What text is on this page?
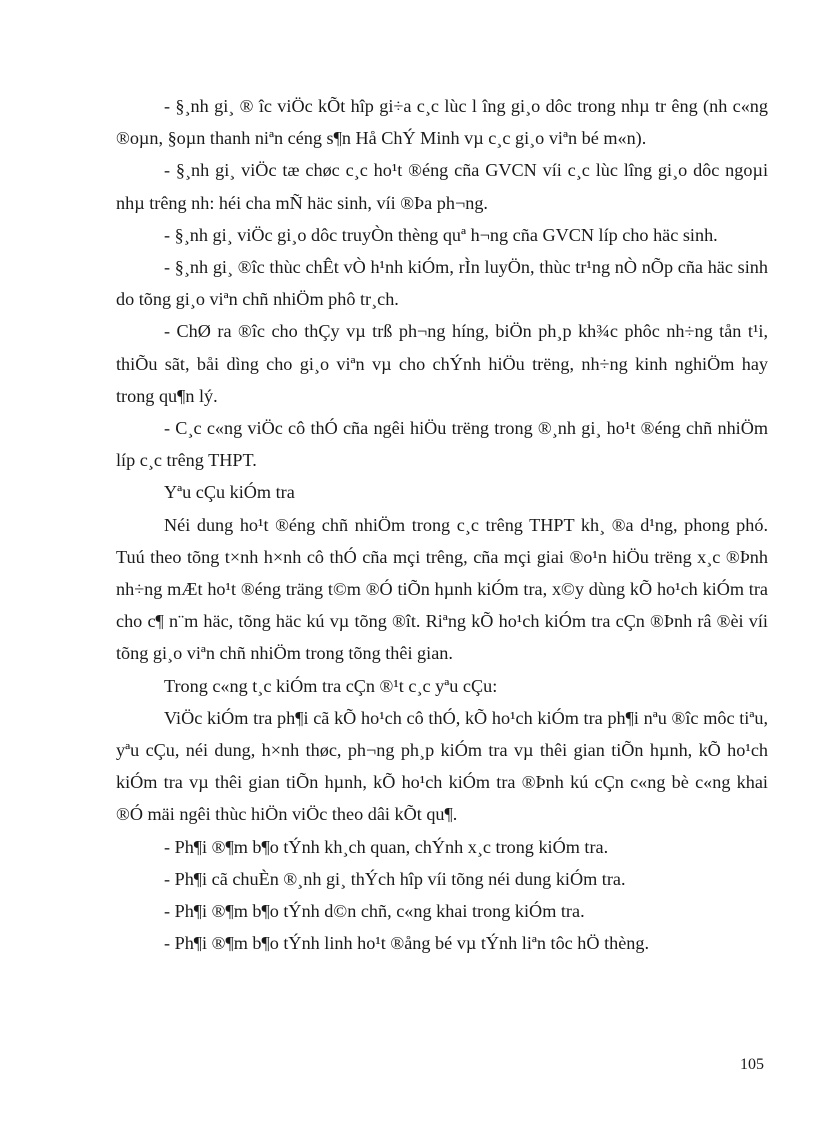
- §¸nh gi¸ ® îc viÖc kÕt hîp gi÷a c¸c lùc l îng gi¸o dôc trong nhµ tr êng (nh c«ng ®oµn, §oµn thanh niªn céng s¶n Hå ChÝ Minh vµ c¸c gi¸o viªn bé m«n).

- §¸nh gi¸ viÖc tæ chøc c¸c ho¹t ®éng cña GVCN víi c¸c lùc lîng gi¸o dôc ngoµi nhµ trêng nh: héi cha mÑ häc sinh, víi ®Þa ph¬ng.

- §¸nh gi¸ viÖc gi¸o dôc truyÒn thèng quª h¬ng cña GVCN líp cho häc sinh.

- §¸nh gi¸ ®îc thùc chÊt vÒ h¹nh kiÓm, rÌn luyÖn, thùc tr¹ng nÒ nÕp cña häc sinh do tõng gi¸o viªn chñ nhiÖm phô tr¸ch.

- ChØ ra ®îc cho thÇy vµ trß ph¬ng híng, biÖn ph¸p kh¾c phôc nh÷ng tån t¹i, thiÕu sãt, båi dìng cho gi¸o viªn vµ cho chÝnh hiÖu trëng, nh÷ng kinh nghiÖm hay trong qu¶n lý.

- C¸c c«ng viÖc cô thÓ cña ngêi hiÖu trëng trong ®¸nh gi¸ ho¹t ®éng chñ nhiÖm líp c¸c trêng THPT.

Yªu cÇu kiÓm tra

Néi dung ho¹t ®éng chñ nhiÖm trong c¸c trêng THPT kh¸ ®a d¹ng, phong phó. Tuú theo tõng t×nh h×nh cô thÓ cña mçi trêng, cña mçi giai ®o¹n hiÖu trëng x¸c ®Þnh nh÷ng mÆt ho¹t ®éng träng t©m ®Ó tiÕn hµnh kiÓm tra, x©y dùng kÕ ho¹ch kiÓm tra cho c¶ n¨m häc, tõng häc kú vµ tõng ®ît. Riªng kÕ ho¹ch kiÓm tra cÇn ®Þnh râ ®èi víi tõng gi¸o viªn chñ nhiÖm trong tõng thêi gian.

Trong c«ng t¸c kiÓm tra cÇn ®¹t c¸c yªu cÇu:

ViÖc kiÓm tra ph¶i cã kÕ ho¹ch cô thÓ, kÕ ho¹ch kiÓm tra ph¶i nªu ®îc môc tiªu, yªu cÇu, néi dung, h×nh thøc, ph¬ng ph¸p kiÓm tra vµ thêi gian tiÕn hµnh, kÕ ho¹ch kiÓm tra vµ thêi gian tiÕn hµnh, kÕ ho¹ch kiÓm tra ®Þnh kú cÇn c«ng bè c«ng khai ®Ó mäi ngêi thùc hiÖn viÖc theo dâi kÕt qu¶.

- Ph¶i ®¶m b¶o tÝnh kh¸ch quan, chÝnh x¸c trong kiÓm tra.

- Ph¶i cã chuÈn ®¸nh gi¸ thÝch hîp víi tõng néi dung kiÓm tra.

- Ph¶i ®¶m b¶o tÝnh d©n chñ, c«ng khai trong kiÓm tra.

- Ph¶i ®¶m b¶o tÝnh linh ho¹t ®ång bé vµ tÝnh liªn tôc hÖ thèng.

105
